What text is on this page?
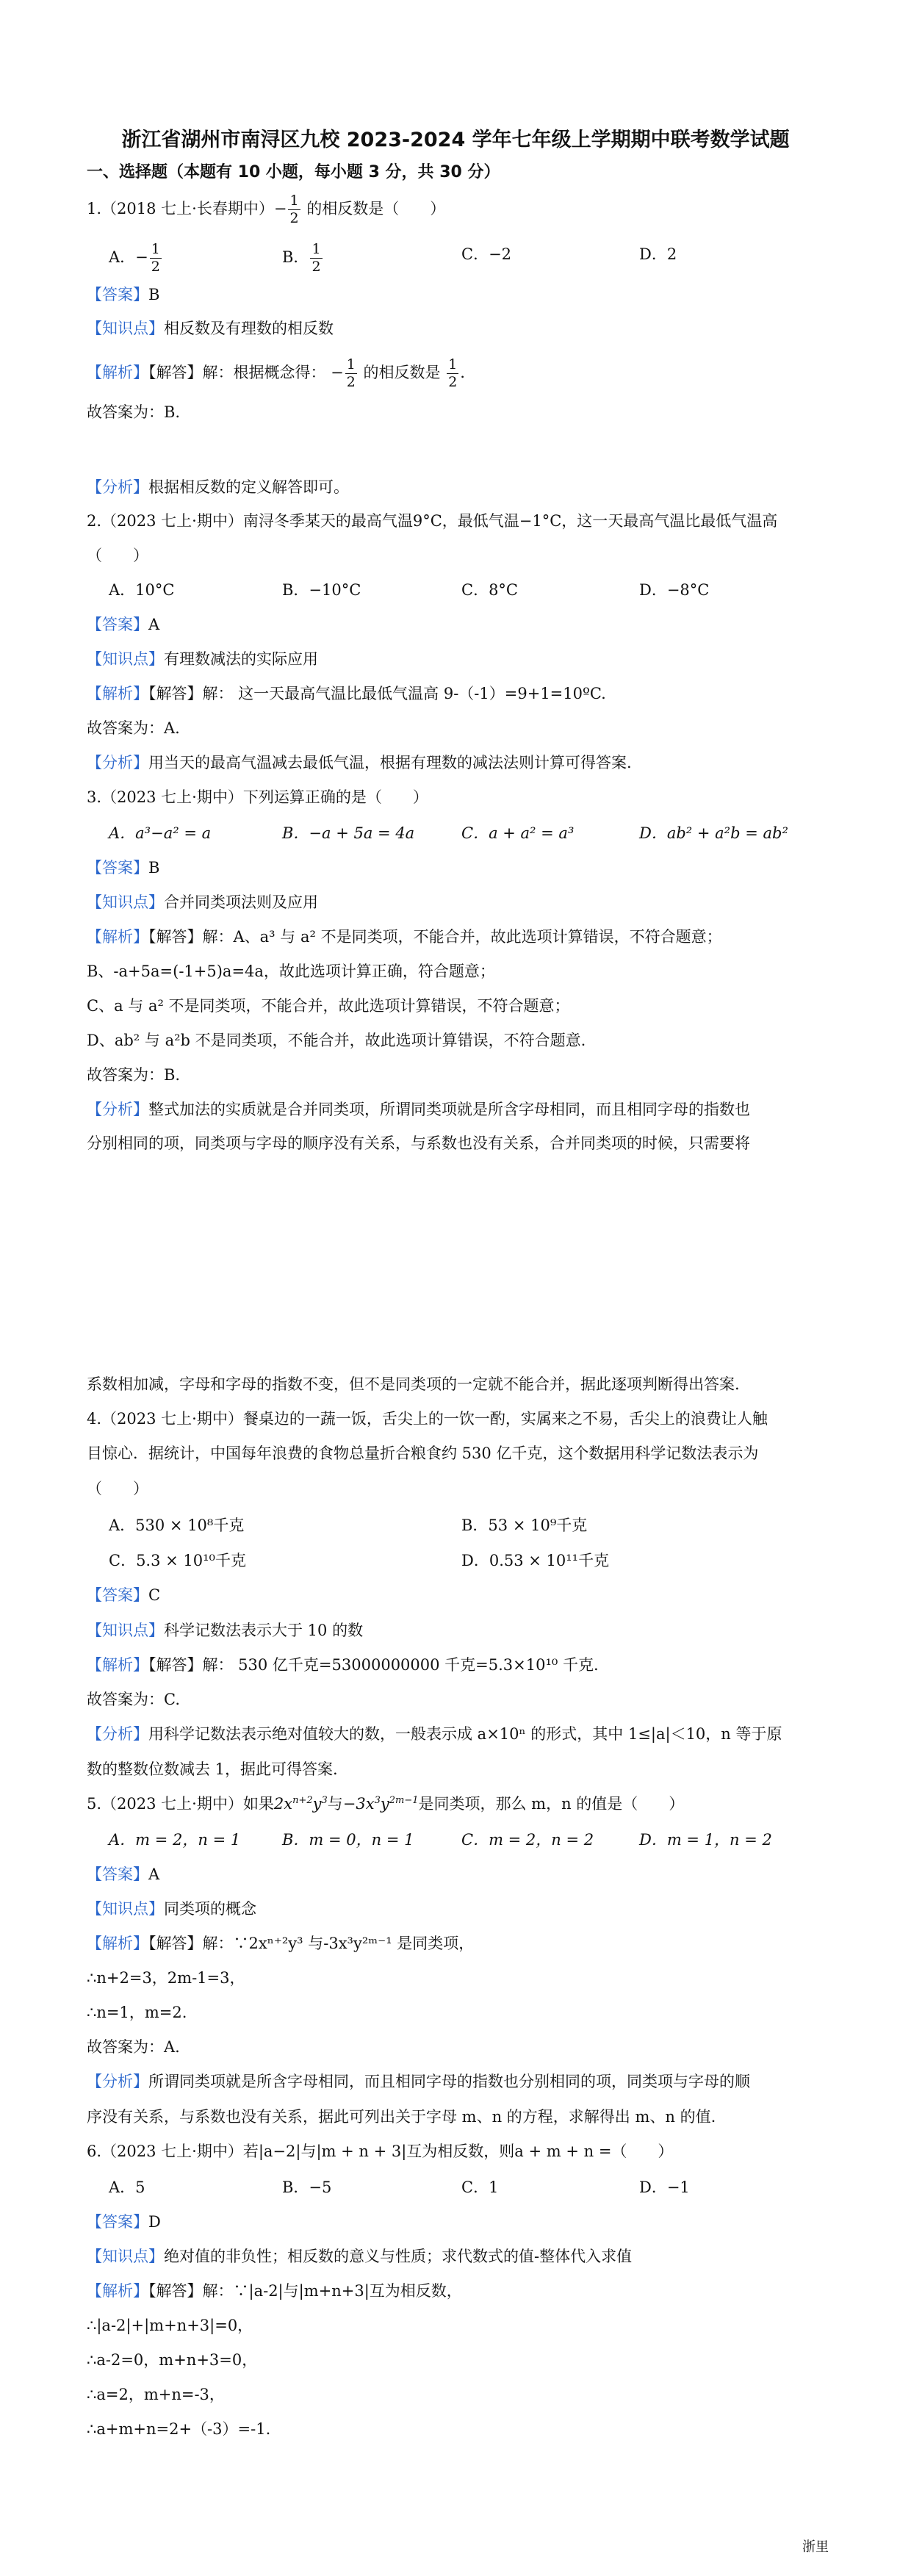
浙江省湖州市南浔区九校 2023-2024 学年七年级上学期期中联考数学试题
一、选择题（本题有 10 小题，每小题 3 分，共 30 分）
1.（2018 七上·长春期中）− $\frac{1}{2}$ 的相反数是（　　）
A．− $\frac{1}{2}$	B． $\frac{1}{2}$	C．−2	D．2
【答案】B
【知识点】相反数及有理数的相反数
【解析】【解答】解：根据概念得： − $\frac{1}{2}$ 的相反数是 $\frac{1}{2}$ ．
故答案为：B.
【分析】根据相反数的定义解答即可。
2.（2023 七上·期中）南浔冬季某天的最高气温9°C，最低气温−1°C，这一天最高气温比最低气温高
（　　）
A．10°C	B．−10°C	C．8°C	D．−8°C
【答案】A
【知识点】有理数减法的实际应用
【解析】【解答】解： 这一天最高气温比最低气温高 9-（-1）=9+1=10ºC.
故答案为：A.
【分析】用当天的最高气温减去最低气温，根据有理数的减法法则计算可得答案.
3.（2023 七上·期中）下列运算正确的是（　　）
A．a³−a² = a	B．−a + 5a = 4a	C．a + a² = a³	D．ab² + a²b = ab²
【答案】B
【知识点】合并同类项法则及应用
【解析】【解答】解：A、a³ 与 a² 不是同类项，不能合并，故此选项计算错误，不符合题意；
B、-a+5a=(-1+5)a=4a，故此选项计算正确，符合题意；
C、a 与 a² 不是同类项，不能合并，故此选项计算错误，不符合题意；
D、ab² 与 a²b 不是同类项，不能合并，故此选项计算错误，不符合题意.
故答案为：B.
【分析】整式加法的实质就是合并同类项，所谓同类项就是所含字母相同，而且相同字母的指数也
分别相同的项，同类项与字母的顺序没有关系，与系数也没有关系，合并同类项的时候，只需要将
系数相加减，字母和字母的指数不变，但不是同类项的一定就不能合并，据此逐项判断得出答案.
4.（2023 七上·期中）餐桌边的一蔬一饭，舌尖上的一饮一酌，实属来之不易，舌尖上的浪费让人触
目惊心．据统计，中国每年浪费的食物总量折合粮食约 530 亿千克，这个数据用科学记数法表示为
（　　）
A．530 × 10⁸千克	B．53 × 10⁹千克
C．5.3 × 10¹⁰千克	D．0.53 × 10¹¹千克
【答案】C
【知识点】科学记数法表示大于 10 的数
【解析】【解答】解： 530 亿千克=53000000000 千克=5.3×10¹⁰ 千克.
故答案为：C.
【分析】用科学记数法表示绝对值较大的数，一般表示成 a×10ⁿ 的形式，其中 1≤|a|＜10，n 等于原
数的整数位数减去 1，据此可得答案.
5.（2023 七上·期中）如果$2x^{n+2}y^3$与$-3x^3y^{2m-1}$是同类项，那么 m，n 的值是（　　）
A．m = 2，n = 1	B．m = 0，n = 1	C．m = 2，n = 2	D．m = 1，n = 2
【答案】A
【知识点】同类项的概念
【解析】【解答】解：∵2xⁿ⁺²y³ 与-3x³y²ᵐ⁻¹ 是同类项，
∴n+2=3，2m-1=3，
∴n=1，m=2.
故答案为：A.
【分析】所谓同类项就是所含字母相同，而且相同字母的指数也分别相同的项，同类项与字母的顺
序没有关系，与系数也没有关系，据此可列出关于字母 m、n 的方程，求解得出 m、n 的值.
6.（2023 七上·期中）若|a−2|与|m + n + 3|互为相反数，则a + m + n =（　　）
A．5	B．−5	C．1	D．−1
【答案】D
【知识点】绝对值的非负性；相反数的意义与性质；求代数式的值-整体代入求值
【解析】【解答】解：∵|a-2|与|m+n+3|互为相反数，
∴|a-2|+|m+n+3|=0，
∴a-2=0，m+n+3=0，
∴a=2，m+n=-3，
∴a+m+n=2+（-3）=-1.
浙里
